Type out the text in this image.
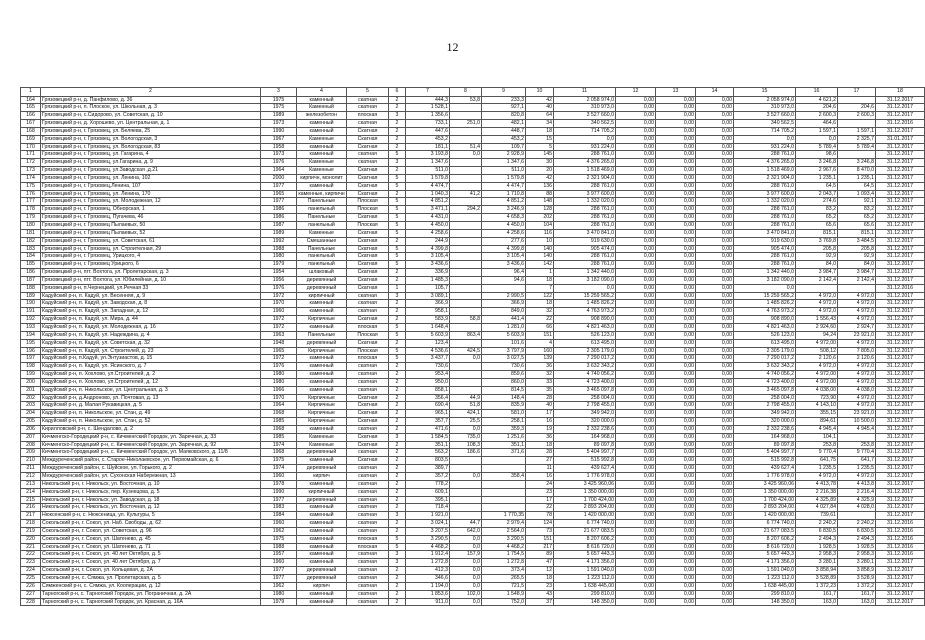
12
1	2	3	4	5	6	7	8	9	10	11	12	13	14	15	16	17	18
164	Грязовецкий р-н, д. Панфилово, д. 36	1975	каменный	скатная	2	444,3	53,8	233,3	42	2 058 974,0	0,00	0,00	0,00	2 058 974,0	4 621,2		31.12.2017
165	Грязовецкий р-н, п. Плоское, ул. Школьная, д. 3	1975	Каменный	скатная	2	1 528,1		927,1	40	310 973,0	0,00	0,00	0,00	310 973,0	204,6	204,6	31.12.2017
166	Грязовецкий р-н, с.Сидорово, ул. Советская, д. 10	1989	железобетон	плоская	3	1 356,6		820,8	64	3 527 660,0	0,00	0,00	0,00	3 527 660,0	2 600,3	2 600,3	31.12.2017
167	Грязовецкий р-н, д. Хорошево, ул. Центральная, д. 1	1973	каменный	скатная	2	733,1	251,0	482,1	34	340 562,5	0,00	0,00	0,00	340 562,5	464,6		31.12.2016
168	Грязовецкий р-н, г. Грязовец, ул. Беляева, 25	1990	каменный	Скатная	2	447,6		448,7	18	714 705,2	0,00	0,00	0,00	714 705,2	1 597,1	1 597,1	31.12.2017
169	Грязовецкий р-н, г. Грязовец, ул. Вологодская, 3	1967	Каменные	Скатная	2	453,2		453,2	15	0,0	0,00	0,00	0,00	0,0	0,0	2 325,7	31.01.2017
170	Грязовецкий р-н, г. Грязовец, ул. Вологодская, 83	1958	каменный	Скатная	2	181,1	51,4	109,7	5	931 224,0	0,00	0,00	0,00	931 224,0	5 789,4	5 789,4	31.12.2017
171	Грязовецкий р-н, г. Грязовец, ул. Гагарина, 4	1973	каменный	скатная	5	3 193,8	0,0	2 928,9	145	288 761,0	0,00	0,00	0,00	288 761,0	98,6		31.12.2017
172	Грязовецкий р-н, г. Грязовец, ул.Гагарина, д. 9	1976	Каменные	скатная	3	1 347,6		1 347,6	30	4 376 265,0	0,00	0,00	0,00	4 376 265,0	3 246,8	3 246,8	31.12.2017
173	Грязовецкий р-н, г. Грязовец, ул.Заводская ,д.21	1964	Каменные	Скатная	2	511,0		511,0	20	1 518 469,0	0,00	0,00	0,00	1 518 469,0	2 967,6	8 470,0	31.12.2017
174	Грязовецкий р-н, г. Грязовец, ул. Ленина, 102	2000	кирпичн, монолит	Скатная	5	1 579,8		1 579,8	42	2 321 904,0	0,00	0,00	0,00	2 321 904,0	1 235,1	1 235,1	31.12.2017
175	Грязовецкий р-н, г. Грязовец,Ленина, 107	1977	каменный	Скатная	5	4 474,7		4 474,7	136	288 761,0	0,00	0,00	0,00	288 761,0	64,5	64,5	31.12.2017
176	Грязовецкий р-н, г. Грязовец, ул. Ленина, 170	1965	каменные, кирпичн	Скатная	2	1 040,3	41,2	1 710,8	88	3 977 600,0	0,00	0,00	0,00	3 977 600,0	2 043,7	1 093,4	31.12.2017
177	Грязовецкий р-н, г. Грязовец, ул. Молодежная, 12	1977	Панельные	Плоская	5	4 851,2		4 851,2	148	1 332 020,0	0,00	0,00	0,00	1 332 020,0	274,6	92,1	31.12.2017
178	Грязовецкий р-н, г. Грязовец, Обнорская, 1	1986	панельный	Плоская	5	3 471,1	294,2	3 246,9	128	288 761,0	0,00	0,00	0,00	288 761,0	83,2	83,2	31.12.2017
179	Грязовецкий р-н, г. Грязовец, Пугачева, 46	1986	Панельные	Скатная	5	4 431,0		4 658,3	202	288 761,0	0,00	0,00	0,00	288 761,0	65,2	65,2	31.12.2017
180	Грязовецкий р-н, г. Грязовец Пылаевых, 50	1987	панельный	Плоская	5	4 450,0		4 450,0	104	288 761,0	0,00	0,00	0,00	288 761,0	65,6	65,6	31.12.2017
181	Грязовецкий р-н, г. Грязовец Пылаевых, 52	1989	Каменные	Скатная	5	4 258,6		4 258,6	116	3 470 841,0	0,00	0,00	0,00	3 470 841,0	815,1	815,1	31.12.2017
182	Грязовецкий р-н, г. Грязовец, ул. Советская, 61	1992	Смешанные	Скатная	2	244,9		277,6	10	919 630,0	0,00	0,00	0,00	919 630,0	3 769,8	3 484,5	31.12.2017
183	Грязовецкий р-н, г. Грязовец, ул. Строителная, 29	1988	Панельные	Скатная	5	4 399,8		4 399,8	140	905 474,0	0,00	0,00	0,00	905 474,0	205,8	205,8	31.12.2017
184	Грязовецкий р-н, г. Грязовец, Урицкого, 4	1980	панельный	Скатная	5	3 105,4		3 105,4	140	288 761,0	0,00	0,00	0,00	288 761,0	92,9	92,9	31.12.2017
185	Грязовецкий р-н, г. Грязовец Урицкого, 6	1979	панельный	Скатная	5	3 436,6		3 436,6	142	288 761,0	0,00	0,00	0,00	288 761,0	84,0	84,0	31.12.2017
186	Грязовецкий р-н, пгт. Вохтога, ул. Пролетарская, д. 3	1954	шлаковый	Скатная	2	336,9		96,4	1	1 342 440,0	0,00	0,00	0,00	1 342 440,0	3 984,7	3 984,7	31.12.2017
187	Грязовецкий р-н, пгт. Вохтога, ул. Юбилейная, д. 10	1956	деревянный	Скатная	2	1 485,3		94,6	18	3 182 090,0	0,00	0,00	0,00	3 182 090,0	2 142,4	2 142,4	31.12.2017
188	Грязовецкий р-н, п.Чернецкий, ул.Речная 33	1976	деревянный	Скатная	1	105,7			7	0,0	0,00	0,00	0,00	0,0			31.12.2016
189	Кадуйский р-н, п. Кадуй, ул. Весенняя, д. 9	1972	кирпичный	скатная	3	3 089,1		2 990,5	122	15 259 565,2	0,00	0,00	0,00	15 259 565,2	4 972,0	4 972,0	31.12.2017
190	Кадуйский р-н, п. Кадуй, ул. Заводская, д. 8	1970	каменный	скатная	2	366,9		366,9	18	1 485 826,2	0,00	0,00	0,00	1 485 826,2	4 972,0	4 972,0	31.12.2017
191	Кадуйский р-н, п. Кадуй, ул. Западная, д. 12	1960	каменный	скатная	2	958,1		849,0	32	4 763 973,2	0,00	0,00	0,00	4 763 973,2	4 972,0	4 972,0	31.12.2017
192	Кадуйский р-н, п. Кадуй, ул. Мира, д. 44	1972	Кирпичные	Скатная	2	583,9	58,8	441,4	22	908 890,0	0,00	0,00	0,00	908 890,0	1 556,43	4 972,0	31.12.2017
193	Кадуйский р-н, п. Кадуй, ул. Молодежная, д. 16	1972	каменный	плоская	5	1 648,4		1 281,0	66	4 821 463,0	0,00	0,00	0,00	4 821 463,0	2 924,60	2 924,7	31.12.2017
194	Кадуйский р-н, п. Кадуй, ул. Надеждина, д. 4	1963	Панельные	Плоская	5	5 603,9	863,4	5 603,9	151	526 123,0	0,00	0,00	0,00	526 123,0	94,24	23 921,0	31.12.2017
195	Кадуйский р-н, п. Кадуй, ул. Советская, д. 32	1948	деревянный	Скатная	2	123,4		101,6	4	613 495,0	0,00	0,00	0,00	613 495,0	4 972,00	4 972,0	31.12.2017
196	Кадуйский р-н, п. Кадуй, ул. Строителей, д. 23	1965	Кирпичные	Плоская	5	4 536,6	424,5	3 797,9	160	2 305 179,0	0,00	0,00	0,00	2 305 179,0	508,12	7 805,0	31.12.2017
197	Кадуйский р-н, п.Кадуй, ул.Энтузиастов, д. 15	1972	каменный	плоская	5	3 437,7	0,0	3 027,5	139	7 290 017,2	0,00	0,00	0,00	7 290 017,2	2 120,6	2 120,6	31.12.2017
198	Кадуйский р-н, п. Кадуй, ул. Ясинского, д. 7	1976	каменный	скатная	2	730,6		730,6	36	3 632 343,2	0,00	0,00	0,00	3 632 343,2	4 972,0	4 972,0	31.12.2017
199	Кадуйский р-н, п. Хохлово, ул.Строителей, д. 2	1980	каменный	скатная	2	953,4		859,6	32	4 740 056,2	0,00	0,00	0,00	4 740 056,2	4 972,00	4 972,0	31.12.2017
200	Кадуйский р-н, п. Хохлово, ул.Строителей, д. 12	1980	каменный	скатная	2	950,0		860,0	33	4 723 400,0	0,00	0,00	0,00	4 723 400,0	4 972,00	4 972,0	31.12.2017
201	Кадуйский р-н, п. Никольское, ул. Центральная, д. 3	1966	каменный	скатная	2	858,1		814,5	35	3 465 097,8	0,00	0,00	0,00	3 465 097,8	4 038,00	4 038,0	31.12.2017
202	Кадуйский р-н, д.Андроново, ул. Почтовая, д. 13	1970	Кирпичные	Скатная	2	356,4	44,9	148,4	28	258 004,0	0,00	0,00	0,00	258 004,0	723,90	4 972,0	31.12.2017
203	Кадуйский р-н, д. Малая Рукавицкая, д. 5	1964	Кирпичные	Скатная	2	690,4	51,8	835,9	40	2 798 455,0	0,00	0,00	0,00	2 798 455,0	4 143,10	4 972,0	31.12.2017
204	Кадуйский р-н, п. Никольское, ул. Стан, д. 49	1968	Кирпичные	Скатная	2	965,1	424,1	581,0	17	349 942,0	0,00	0,00	0,00	349 942,0	355,15	23 921,0	31.12.2017
205	Кадуйский р-н, п. Никольское, ул. Стан, д. 52	1985	Кирпичные	Скатная	2	357,7	25,5	258,1	16	320 000,0	0,00	0,00	0,00	320 000,0	894,61	10 500,0	31.12.2017
206	Кирилловский р-н, с. Шендалово, д. 2	1968	каменный	скатная	2	471,6	0,0	359,3	19	2 332 238,6	0,00	0,00	0,00	2 332 238,6	4 945,4	4 945,4	31.12.2017
207	Кичменгско-Городецкий р-н, с. Кичменгский Городок, ул. Заречная, д. 33	1985	Каменные	Скатная	3	1 584,5	735,0	1 251,6	36	164 968,0	0,00	0,00	0,00	164 968,0	104,1		31.12.2017
208	Кичменгско-Городецкий р-н, с. Кичменгский Городок, ул. Заречная, д. 92	1974	Каменные	Скатная	2	351,1	108,3	351,1	18	89 097,8	0,00	0,00	0,00	89 097,8	253,8	253,8	31.12.2017
209	Кичменгско-Городецкий р-н, с. Кичменгский Городок, ул. Маяковского, д. 11/8	1968	деревянный	скатная	2	563,2	186,6	371,6	28	5 404 997,7	0,00	0,00	0,00	5 404 997,7	9 770,4	9 770,4	31.12.2017
210	Междуреченский район, с. Старое-Николаевское, ул. Первомайская, д. 6	1975	каменный	Скатная	2	803,5			27	515 992,8	0,00	0,00	0,00	515 992,8	641,75	641,7	31.12.2017
211	Междуреченский район, с. Шуйское, ул. Горького, д. 2	1974	деревянный	скатная	2	389,7			11	439 627,4	0,00	0,00	0,00	439 627,4	1 235,5	1 235,5	31.12.2017
212	Междуреченский район, ул. Сухонская Набережная, 13	1960	кирпич	скатная	2	357,2	0,0	358,4	16	1 776 978,0	0,00	0,00	0,00	1 776 978,0	4 972,0	4 972,0	31.12.2017
213	Никольский р-н, г. Никольск, ул. Восточная, д. 10	1978	каменный	скатная	2	778,2			24	3 425 960,06	0,00	0,00	0,00	3 425 960,06	4 413,78	4 413,8	31.12.2017
214	Никольский р-н, г. Никольск, пер. Кузнецова, д. 5	1990	кирпичный	скатная	2	609,1			23	1 350 000,00	0,00	0,00	0,00	1 350 000,00	2 216,38	2 216,4	31.12.2017
215	Никольский р-н, г. Никольск, ул. Заводская, д. 18	1977	деревянный	скатная	2	395,1			17	1 700 424,00	0,00	0,00	0,00	1 700 424,00	4 325,89	4 325,9	31.12.2017
216	Никольский р-н, г. Никольск, ул. Восточная, д. 12	1983	каменный	скатная	2	718,4			22	2 893 204,00	0,00	0,00	0,00	2 893 204,00	4 027,84	4 028,0	31.12.2017
217	Нюксенский р-н, с. Нюксеница, ул. Культуры, 5	1984	каменный	скатная	3	1 921,0		1 770,35	78	1 420 000,00	0,00	0,00	0,00	1 420 000,00	739,61		31.12.2017
218	Сокольский р-н, г. Сокол, ул. Наб. Свободы, д. 62	1960	каменный	скатная	2	3 024,1	44,7	2 979,4	124	6 774 740,0	0,00	0,00	0,00	6 774 740,0	2 240,2	2 240,2	31.12.2016
219	Сокольский р-н, г. Сокол, ул. Советская, д. 96	1962	каменный	скатная	2	3 207,5	642,0	2 564,0	73	21 677 083,5	0,00	0,00	0,00	21 677 083,5	6 830,5	6 830,5	31.12.2016
220	Сокольский р-н, г. Сокол, ул. Шатенево, д. 45	1975	каменный	плоская	5	3 290,5	0,0	3 290,5	151	8 207 606,2	0,00	0,00	0,00	8 207 606,2	2 494,3	2 494,3	31.12.2016
221	Сокольский р-н, г. Сокол, ул. Шатенево, д. 71	1988	каменный	плоская	5	4 468,2	0,0	4 468,2	217	8 616 720,0	0,00	0,00	0,00	8 616 720,0	1 928,5	1 928,5	31.12.2016
222	Сокольский р-н, г. Сокол, ул. 40 лет Октября, д. 5	1957	каменный	скатная	3	1 912,4	157,9	1 754,5	89	5 657 443,3	0,00	0,00	0,00	5 657 443,3	2 958,3	2 958,3	31.12.2016
223	Сокольский р-н, г. Сокол, ул. 40 лет Октября, д. 7	1960	каменный	скатная	3	1 272,8	0,0	1 272,8	47	4 171 356,0	0,00	0,00	0,00	4 171 356,0	3 280,1	3 280,1	31.12.2017
224	Сокольский р-н, г. Сокол, ул. Кольцевая, д. 2А	1977	деревянный	скатная	2	412,3	0,0	373,4	12	1 591 040,0	0,00	0,00	0,00	1 591 040,0	3 858,94	3 858,9	31.12.2017
225	Сокольский р-н, с. Сямжа, ул. Пролетарская, д. 5	1977	деревянный	скатная	2	346,6	0,0	265,5	18	1 223 112,0	0,00	0,00	0,00	1 223 112,0	3 528,89	3 528,9	31.12.2017
226	Сямженский р-н, с. Сямжа, ул. Кооперации, д. 12	1962	кирпич	скатная	2	1 194,0	0,0	721,5	23	1 638 445,00	0,00	0,00	0,00	1 638 445,00	1 372,23	1 372,2	31.12.2017
227	Тарногский р-н, с. Тарногский Городок, ул. Пограничная, д. 2А	1980	каменный	скатная	2	1 853,6	102,0	1 548,9	43	299 810,0	0,00	0,00	0,00	299 810,0	161,7	161,7	31.12.2017
228	Тарногский р-н, с. Тарногский Городок, ул. Красная, д. 16А	1979	каменный	скатная	2	911,0	0,0	752,0	37	148 350,0	0,00	0,00	0,00	148 350,0	163,0	163,0	31.12.2017
